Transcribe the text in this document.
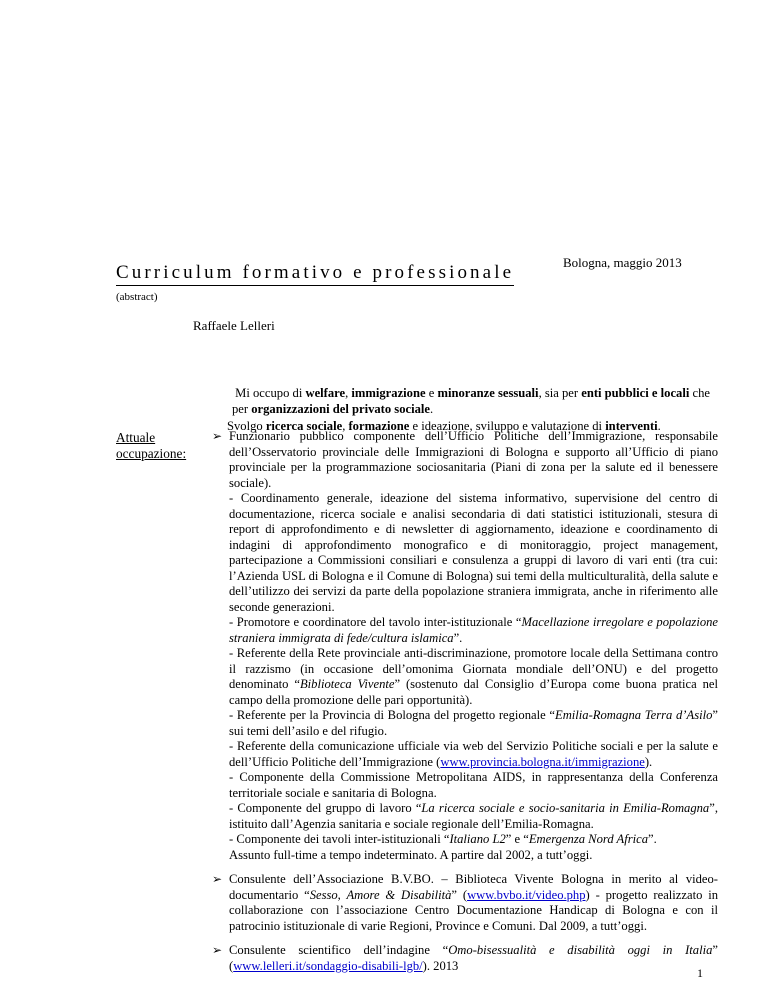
Curriculum formativo e professionale	Bologna, maggio 2013
(abstract)
Raffaele Lelleri
Mi occupo di welfare, immigrazione e minoranze sessuali, sia per enti pubblici e locali che
per organizzazioni del privato sociale.
Svolgo ricerca sociale, formazione e ideazione, sviluppo e valutazione di interventi.
Attuale occupazione:
➢ Funzionario pubblico componente dell’Ufficio Politiche dell’Immigrazione, responsabile dell’Osservatorio provinciale delle Immigrazioni di Bologna e supporto all’Ufficio di piano provinciale per la programmazione sociosanitaria (Piani di zona per la salute ed il benessere sociale).
- Coordinamento generale, ideazione del sistema informativo, supervisione del centro di documentazione, ricerca sociale e analisi secondaria di dati statistici istituzionali, stesura di report di approfondimento e di newsletter di aggiornamento, ideazione e coordinamento di indagini di approfondimento monografico e di monitoraggio, project management, partecipazione a Commissioni consiliari e consulenza a gruppi di lavoro di vari enti (tra cui: l’Azienda USL di Bologna e il Comune di Bologna) sui temi della multiculturalità, della salute e dell’utilizzo dei servizi da parte della popolazione straniera immigrata, anche in riferimento alle seconde generazioni.
- Promotore e coordinatore del tavolo inter-istituzionale “Macellazione irregolare e popolazione straniera immigrata di fede/cultura islamica”.
- Referente della Rete provinciale anti-discriminazione, promotore locale della Settimana contro il razzismo (in occasione dell’omonima Giornata mondiale dell’ONU) e del progetto denominato “Biblioteca Vivente” (sostenuto dal Consiglio d’Europa come buona pratica nel campo della promozione delle pari opportunità).
- Referente per la Provincia di Bologna del progetto regionale “Emilia-Romagna Terra d’Asilo” sui temi dell’asilo e del rifugio.
- Referente della comunicazione ufficiale via web del Servizio Politiche sociali e per la salute e dell’Ufficio Politiche dell’Immigrazione (www.provincia.bologna.it/immigrazione).
- Componente della Commissione Metropolitana AIDS, in rappresentanza della Conferenza territoriale sociale e sanitaria di Bologna.
- Componente del gruppo di lavoro “La ricerca sociale e socio-sanitaria in Emilia-Romagna”, istituito dall’Agenzia sanitaria e sociale regionale dell’Emilia-Romagna.
- Componente dei tavoli inter-istituzionali “Italiano L2” e “Emergenza Nord Africa”.
Assunto full-time a tempo indeterminato. A partire dal 2002, a tutt’oggi.
➢ Consulente dell’Associazione B.V.BO. – Biblioteca Vivente Bologna in merito al video-documentario “Sesso, Amore & Disabilità” (www.bvbo.it/video.php) - progetto realizzato in collaborazione con l’associazione Centro Documentazione Handicap di Bologna e con il patrocinio istituzionale di varie Regioni, Province e Comuni. Dal 2009, a tutt’oggi.
➢ Consulente scientifico dell’indagine “Omo-bisessualità e disabilità oggi in Italia” (www.lelleri.it/sondaggio-disabili-lgb/). 2013
1
